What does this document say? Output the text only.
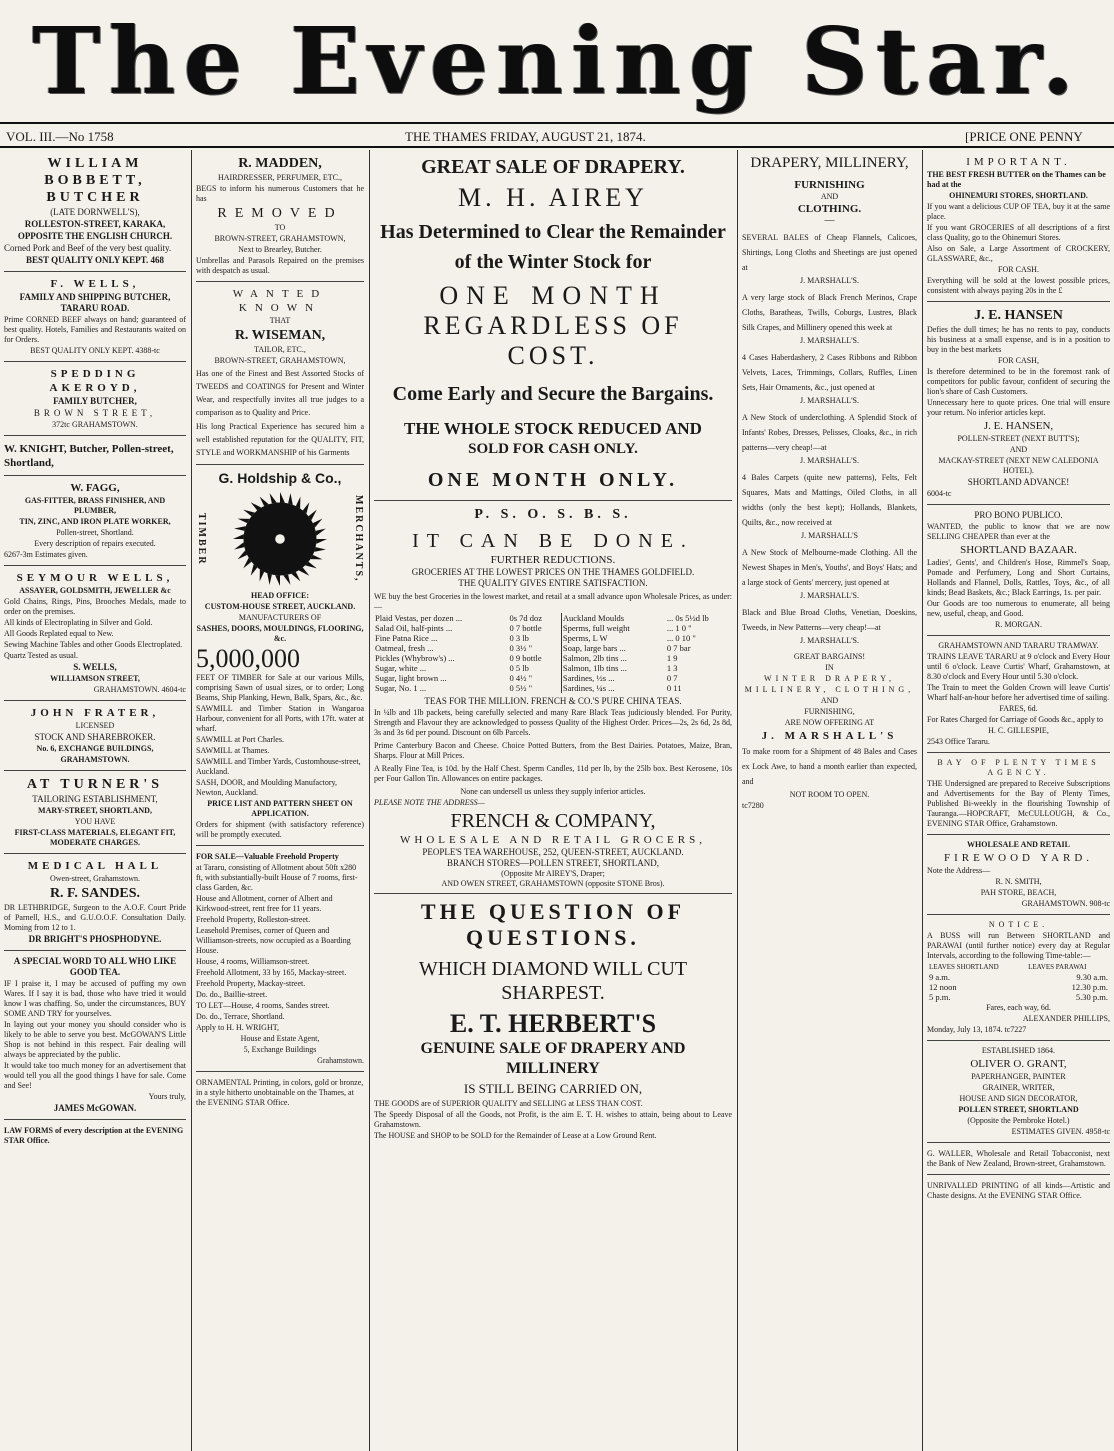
The Evening Star.
VOL. III.—No 1758	THE THAMES FRIDAY, AUGUST 21, 1874.	[PRICE ONE PENNY
WILLIAM BOBBETT, BUTCHER

(LATE DORNWELL'S),

ROLLESTON-STREET, KARAKA,

OPPOSITE THE ENGLISH CHURCH.

Corned Pork and Beef of the very best quality.

BEST QUALITY ONLY KEPT. 468

F. WELLS,

FAMILY AND SHIPPING BUTCHER, TARARU ROAD.

Prime CORNED BEEF always on hand; guaranteed of best quality. Hotels, Families and Restaurants waited on for Orders.

BEST QUALITY ONLY KEPT. 4388-tc

SPEDDING AKEROYD,

FAMILY BUTCHER,

BROWN STREET,

372tc GRAHAMSTOWN.

W. KNIGHT, Butcher, Pollen-street, Shortland,

W. FAGG,

GAS-FITTER, BRASS FINISHER, AND PLUMBER,

TIN, ZINC, AND IRON PLATE WORKER,

Pollen-street, Shortland.

Every description of repairs executed.

6267-3m Estimates given.

SEYMOUR WELLS,

ASSAYER, GOLDSMITH, JEWELLER &c

Gold Chains, Rings, Pins, Brooches Medals, made to order on the premises.

All kinds of Electroplating in Silver and Gold.

All Goods Replated equal to New.

Sewing Machine Tables and other Goods Electroplated.

Quartz Tested as usual.

S. WELLS,

WILLIAMSON STREET,

GRAHAMSTOWN. 4604-tc

JOHN FRATER,

LICENSED

STOCK AND SHAREBROKER.

No. 6, EXCHANGE BUILDINGS,

GRAHAMSTOWN.

AT TURNER'S

TAILORING ESTABLISHMENT,

MARY-STREET, SHORTLAND,

YOU HAVE

FIRST-CLASS MATERIALS, ELEGANT FIT, MODERATE CHARGES.

MEDICAL HALL

Owen-street, Grahamstown.

R. F. SANDES.

DR LETHBRIDGE, Surgeon to the A.O.F. Court Pride of Parnell, H.S., and G.U.O.O.F. Consultation Daily. Morning from 12 to 1.

DR BRIGHT'S PHOSPHODYNE.

A SPECIAL WORD TO ALL WHO LIKE GOOD TEA.

IF I praise it, I may be accused of puffing my own Wares. If I say it is bad, those who have tried it would know I was chaffing. So, under the circumstances, BUY SOME AND TRY for yourselves.

In laying out your money you should consider who is likely to be able to serve you best. McGOWAN'S Little Shop is not behind in this respect. Fair dealing will always be appreciated by the public.

It would take too much money for an advertisement that would tell you all the good things I have for sale. Come and See!

Yours truly,

JAMES McGOWAN.

LAW FORMS of every description at the EVENING STAR Office.

R. MADDEN,

HAIRDRESSER, PERFUMER, ETC.,

BEGS to inform his numerous Customers that he has

REMOVED

TO

BROWN-STREET, GRAHAMSTOWN,

Next to Brearley, Butcher.

Umbrellas and Parasols Repaired on the premises with despatch as usual.

WANTED KNOWN

THAT

R. WISEMAN,

TAILOR, ETC.,

BROWN-STREET, GRAHAMSTOWN,

Has one of the Finest and Best Assorted Stocks of TWEEDS and COATINGS for Present and Winter Wear, and respectfully invites all true judges to a comparison as to Quality and Price.

His long Practical Experience has secured him a well established reputation for the QUALITY, FIT, STYLE and WORKMANSHIP of his Garments

G. Holdship & Co.,
TIMBER	MERCHANTS,

HEAD OFFICE:

CUSTOM-HOUSE STREET, AUCKLAND.

MANUFACTURERS OF

SASHES, DOORS, MOULDINGS, FLOORING, &c.

5,000,000

FEET OF TIMBER for Sale at our various Mills, comprising Sawn of usual sizes, or to order; Long Beams, Ship Planking, Hewn, Balk, Spars, &c., &c.

SAWMILL and Timber Station in Wangaroa Harbour, convenient for all Ports, with 17ft. water at wharf.

SAWMILL at Port Charles.

SAWMILL at Thames.

SAWMILL and Timber Yards, Customhouse-street, Auckland.

SASH, DOOR, and Moulding Manufactory, Newton, Auckland.

PRICE LIST AND PATTERN SHEET ON APPLICATION.

Orders for shipment (with satisfactory reference) will be promptly executed.

FOR SALE—Valuable Freehold Property

at Tararu, consisting of Allotment about 50ft x280 ft, with substantially-built House of 7 rooms, first-class Garden, &c.

House and Allotment, corner of Albert and Kirkwood-street, rent free for 11 years.

Freehold Property, Rolleston-street.

Leasehold Premises, corner of Queen and Williamson-streets, now occupied as a Boarding House.

House, 4 rooms, Williamson-street.

Freehold Allotment, 33 by 165, Mackay-street.

Freehold Property, Mackay-street.

Do. do., Baillie-street.

TO LET—House, 4 rooms, Sandes street.

Do. do., Terrace, Shortland.

Apply to H. H. WRIGHT,

House and Estate Agent,

5, Exchange Buildings

Grahamstown.

ORNAMENTAL Printing, in colors, gold or bronze, in a style hitherto unobtainable on the Thames, at the EVENING STAR Office.

GREAT SALE OF DRAPERY.
M. H. AIREY
Has Determined to Clear the Remainder of the Winter Stock for
ONE MONTH
REGARDLESS OF COST.
Come Early and Secure the Bargains.
THE WHOLE STOCK REDUCED AND
SOLD FOR CASH ONLY.
ONE MONTH ONLY.
P. S. O. S. B. S.
IT CAN BE DONE.
FURTHER REDUCTIONS.
GROCERIES AT THE LOWEST PRICES ON THE THAMES GOLDFIELD.
THE QUALITY GIVES ENTIRE SATISFACTION.

WE buy the best Groceries in the lowest market, and retail at a small advance upon Wholesale Prices, as under:—

Plaid Vestas, per dozen ...	0s 7d doz	Auckland Moulds	... 0s 5½d lb
Salad Oil, half-pints ...	0 7 bottle	Sperms, full weight	... 1 0 "
Fine Patna Rice ...	0 3 lb	Sperms, L W	... 0 10 "
Oatmeal, fresh ...	0 3½ "	Soap, large bars ...	0 7 bar
Pickles (Whybrow's) ...	0 9 bottle	Salmon, 2lb tins ...	1 9
Sugar, white ...	0 5 lb	Salmon, 1lb tins ...	1 3
Sugar, light brown ...	0 4½ "	Sardines, ½s ...	0 7
Sugar, No. 1 ...	0 5½ "	Sardines, ¼s ...	0 11

TEAS FOR THE MILLION. FRENCH & CO.'S PURE CHINA TEAS.

In ¼lb and 1lb packets, being carefully selected and many Rare Black Teas judiciously blended. For Purity, Strength and Flavour they are acknowledged to possess Quality of the Highest Order. Prices—2s, 2s 6d, 2s 8d, 3s and 3s 6d per pound. Discount on 6lb Parcels.

Prime Canterbury Bacon and Cheese. Choice Potted Butters, from the Best Dairies. Potatoes, Maize, Bran, Sharps. Flour at Mill Prices.

A Really Fine Tea, is 10d. by the Half Chest. Sperm Candles, 11d per lb, by the 25lb box. Best Kerosene, 10s per Four Gallon Tin. Allowances on entire packages.

None can undersell us unless they supply inferior articles.

PLEASE NOTE THE ADDRESS—

FRENCH & COMPANY,
WHOLESALE AND RETAIL GROCERS,
PEOPLE'S TEA WAREHOUSE, 252, QUEEN-STREET, AUCKLAND.
BRANCH STORES—POLLEN STREET, SHORTLAND,
(Opposite Mr AIREY'S, Draper;
AND OWEN STREET, GRAHAMSTOWN (opposite STONE Bros).
THE QUESTION OF QUESTIONS.
WHICH DIAMOND WILL CUT SHARPEST.
E. T. HERBERT'S
GENUINE SALE OF DRAPERY AND MILLINERY
IS STILL BEING CARRIED ON,

THE GOODS are of SUPERIOR QUALITY and SELLING at LESS THAN COST.

The Speedy Disposal of all the Goods, not Profit, is the aim E. T. H. wishes to attain, being about to Leave Grahamstown.

The HOUSE and SHOP to be SOLD for the Remainder of Lease at a Low Ground Rent.

DRAPERY, MILLINERY,
FURNISHING
AND
CLOTHING.
—

SEVERAL BALES of Cheap Flannels, Calicoes, Shirtings, Long Cloths and Sheetings are just opened at

J. MARSHALL'S.

A very large stock of Black French Merinos, Crape Cloths, Baratheas, Twills, Coburgs, Lustres, Black Silk Crapes, and Millinery opened this week at

J. MARSHALL'S.

4 Cases Haberdashery, 2 Cases Ribbons and Ribbon Velvets, Laces, Trimmings, Collars, Ruffles, Linen Sets, Hair Ornaments, &c., just opened at

J. MARSHALL'S.

A New Stock of underclothing. A Splendid Stock of Infants' Robes, Dresses, Pelisses, Cloaks, &c., in rich patterns—very cheap!—at

J. MARSHALL'S.

4 Bales Carpets (quite new patterns), Felts, Felt Squares, Mats and Mattings, Oiled Cloths, in all widths (only the best kept); Hollands, Blankets, Quilts, &c., now received at

J. MARSHALL'S

A New Stock of Melbourne-made Clothing. All the Newest Shapes in Men's, Youths', and Boys' Hats; and a large stock of Gents' mercery, just opened at

J. MARSHALL'S.

Black and Blue Broad Cloths, Venetian, Doeskins, Tweeds, in New Patterns—very cheap!—at

J. MARSHALL'S.

GREAT BARGAINS!

IN

WINTER DRAPERY,

MILLINERY, CLOTHING,

AND

FURNISHING,

ARE NOW OFFERING AT

J. MARSHALL'S

To make room for a Shipment of 48 Bales and Cases ex Lock Awe, to hand a month earlier than expected, and

NOT ROOM TO OPEN.

tc7280

IMPORTANT.

THE BEST FRESH BUTTER on the Thames can be had at the

OHINEMURI STORES, SHORTLAND.

If you want a delicious CUP OF TEA, buy it at the same place.

If you want GROCERIES of all descriptions of a first class Quality, go to the Ohinemuri Stores.

Also on Sale, a Large Assortment of CROCKERY, GLASSWARE, &c.,

FOR CASH.

Everything will be sold at the lowest possible prices, consistent with always paying 20s in the £

J. E. HANSEN

Defies the dull times; he has no rents to pay, conducts his business at a small expense, and is in a position to buy in the best markets

FOR CASH,

Is therefore determined to be in the foremost rank of competitors for public favour, confident of securing the lion's share of Cash Customers.

Unnecessary here to quote prices. One trial will ensure your return. No inferior articles kept.

J. E. HANSEN,

POLLEN-STREET (NEXT BUTT'S);

AND

MACKAY-STREET (NEXT NEW CALEDONIA HOTEL).

SHORTLAND ADVANCE!

6004-tc

PRO BONO PUBLICO.

WANTED, the public to know that we are now SELLING CHEAPER than ever at the

SHORTLAND BAZAAR.

Ladies', Gents', and Children's Hose, Rimmel's Soap, Pomade and Perfumery, Long and Short Curtains, Hollands and Flannel, Dolls, Rattles, Toys, &c., of all kinds; Bead Baskets, &c.; Black Earrings, 1s. per pair.

Our Goods are too numerous to enumerate, all being new, useful, cheap, and Good.

R. MORGAN.

GRAHAMSTOWN AND TARARU TRAMWAY.

TRAINS LEAVE TARARU at 9 o'clock and Every Hour until 6 o'clock. Leave Curtis' Wharf, Grahamstown, at 8.30 o'clock and Every Hour until 5.30 o'clock.

The Train to meet the Golden Crown will leave Curtis' Wharf half-an-hour before her advertised time of sailing.

FARES, 6d.

For Rates Charged for Carriage of Goods &c., apply to

H. C. GILLESPIE,

2543 Office Tararu.

BAY OF PLENTY TIMES AGENCY.

THE Undersigned are prepared to Receive Subscriptions and Advertisements for the Bay of Plenty Times, Published Bi-weekly in the flourishing Township of Tauranga.—HOPCRAFT, McCULLOUGH, & Co., EVENING STAR Office, Grahamstown.

WHOLESALE AND RETAIL

FIREWOOD YARD.

Note the Address—

R. N. SMITH,

PAH STORE, BEACH,

GRAHAMSTOWN. 908-tc

NOTICE.

A BUSS will run Between SHORTLAND and PARAWAI (until further notice) every day at Regular Intervals, according to the following Time-table:—

LEAVES SHORTLAND	LEAVES PARAWAI
9 a.m.	9.30 a.m.
12 noon	12.30 p.m.
5 p.m.	5.30 p.m.

Fares, each way, 6d.

ALEXANDER PHILLIPS,

Monday, July 13, 1874. tc7227

ESTABLISHED 1864.

OLIVER O. GRANT,

PAPERHANGER, PAINTER

GRAINER, WRITER,

HOUSE AND SIGN DECORATOR,

POLLEN STREET, SHORTLAND

(Opposite the Pembroke Hotel.)

ESTIMATES GIVEN. 4958-tc

G. WALLER, Wholesale and Retail Tobacconist, next the Bank of New Zealand, Brown-street, Grahamstown.

UNRIVALLED PRINTING of all kinds—Artistic and Chaste designs. At the EVENING STAR Office.
